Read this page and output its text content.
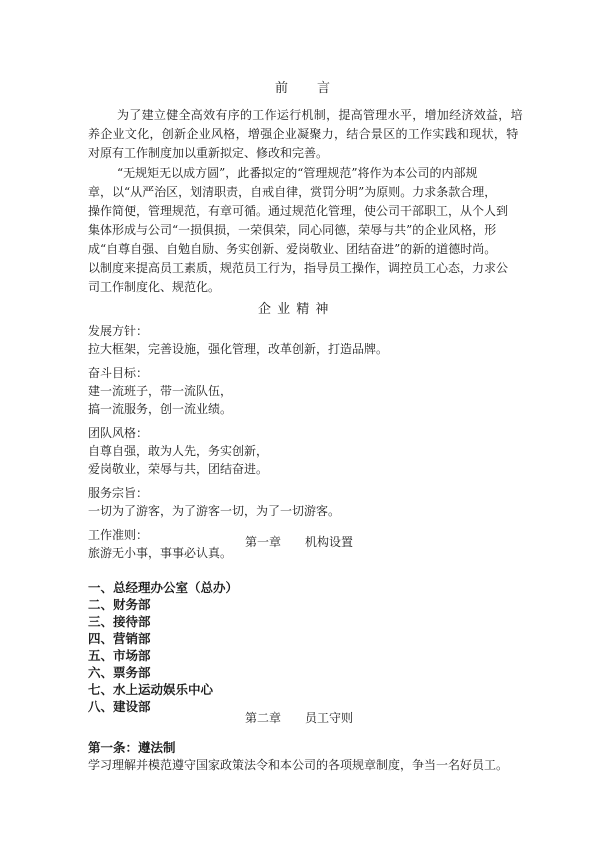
前　　言
为了建立健全高效有序的工作运行机制，提高管理水平，增加经济效益，培
养企业文化，创新企业风格，增强企业凝聚力，结合景区的工作实践和现状，特
对原有工作制度加以重新拟定、修改和完善。
“无规矩无以成方圆”，此番拟定的“管理规范”将作为本公司的内部规
章，以“从严治区，划清职责，自戒自律，赏罚分明”为原则。力求条款合理，
操作简便，管理规范，有章可循。通过规范化管理，使公司干部职工，从个人到
集体形成与公司“一损俱损，一荣俱荣，同心同德，荣辱与共”的企业风格，形
成“自尊自强、自勉自励、务实创新、爱岗敬业、团结奋进”的新的道德时尚。
以制度来提高员工素质，规范员工行为，指导员工操作，调控员工心态，力求公
司工作制度化、规范化。
企 业 精 神
发展方针：
拉大框架，完善设施，强化管理，改革创新，打造品牌。
奋斗目标：
建一流班子，带一流队伍，
搞一流服务，创一流业绩。
团队风格：
自尊自强，敢为人先，务实创新，
爱岗敬业，荣辱与共，团结奋进。
服务宗旨：
一切为了游客，为了游客一切，为了一切游客。
工作准则：
旅游无小事，事事必认真。
第一章　　机构设置
一、总经理办公室（总办）
二、财务部
三、接待部
四、营销部
五、市场部
六、票务部
七、水上运动娱乐中心
八、建设部
第二章　　员工守则
第一条：遵法制
学习理解并模范遵守国家政策法令和本公司的各项规章制度，争当一名好员工。
